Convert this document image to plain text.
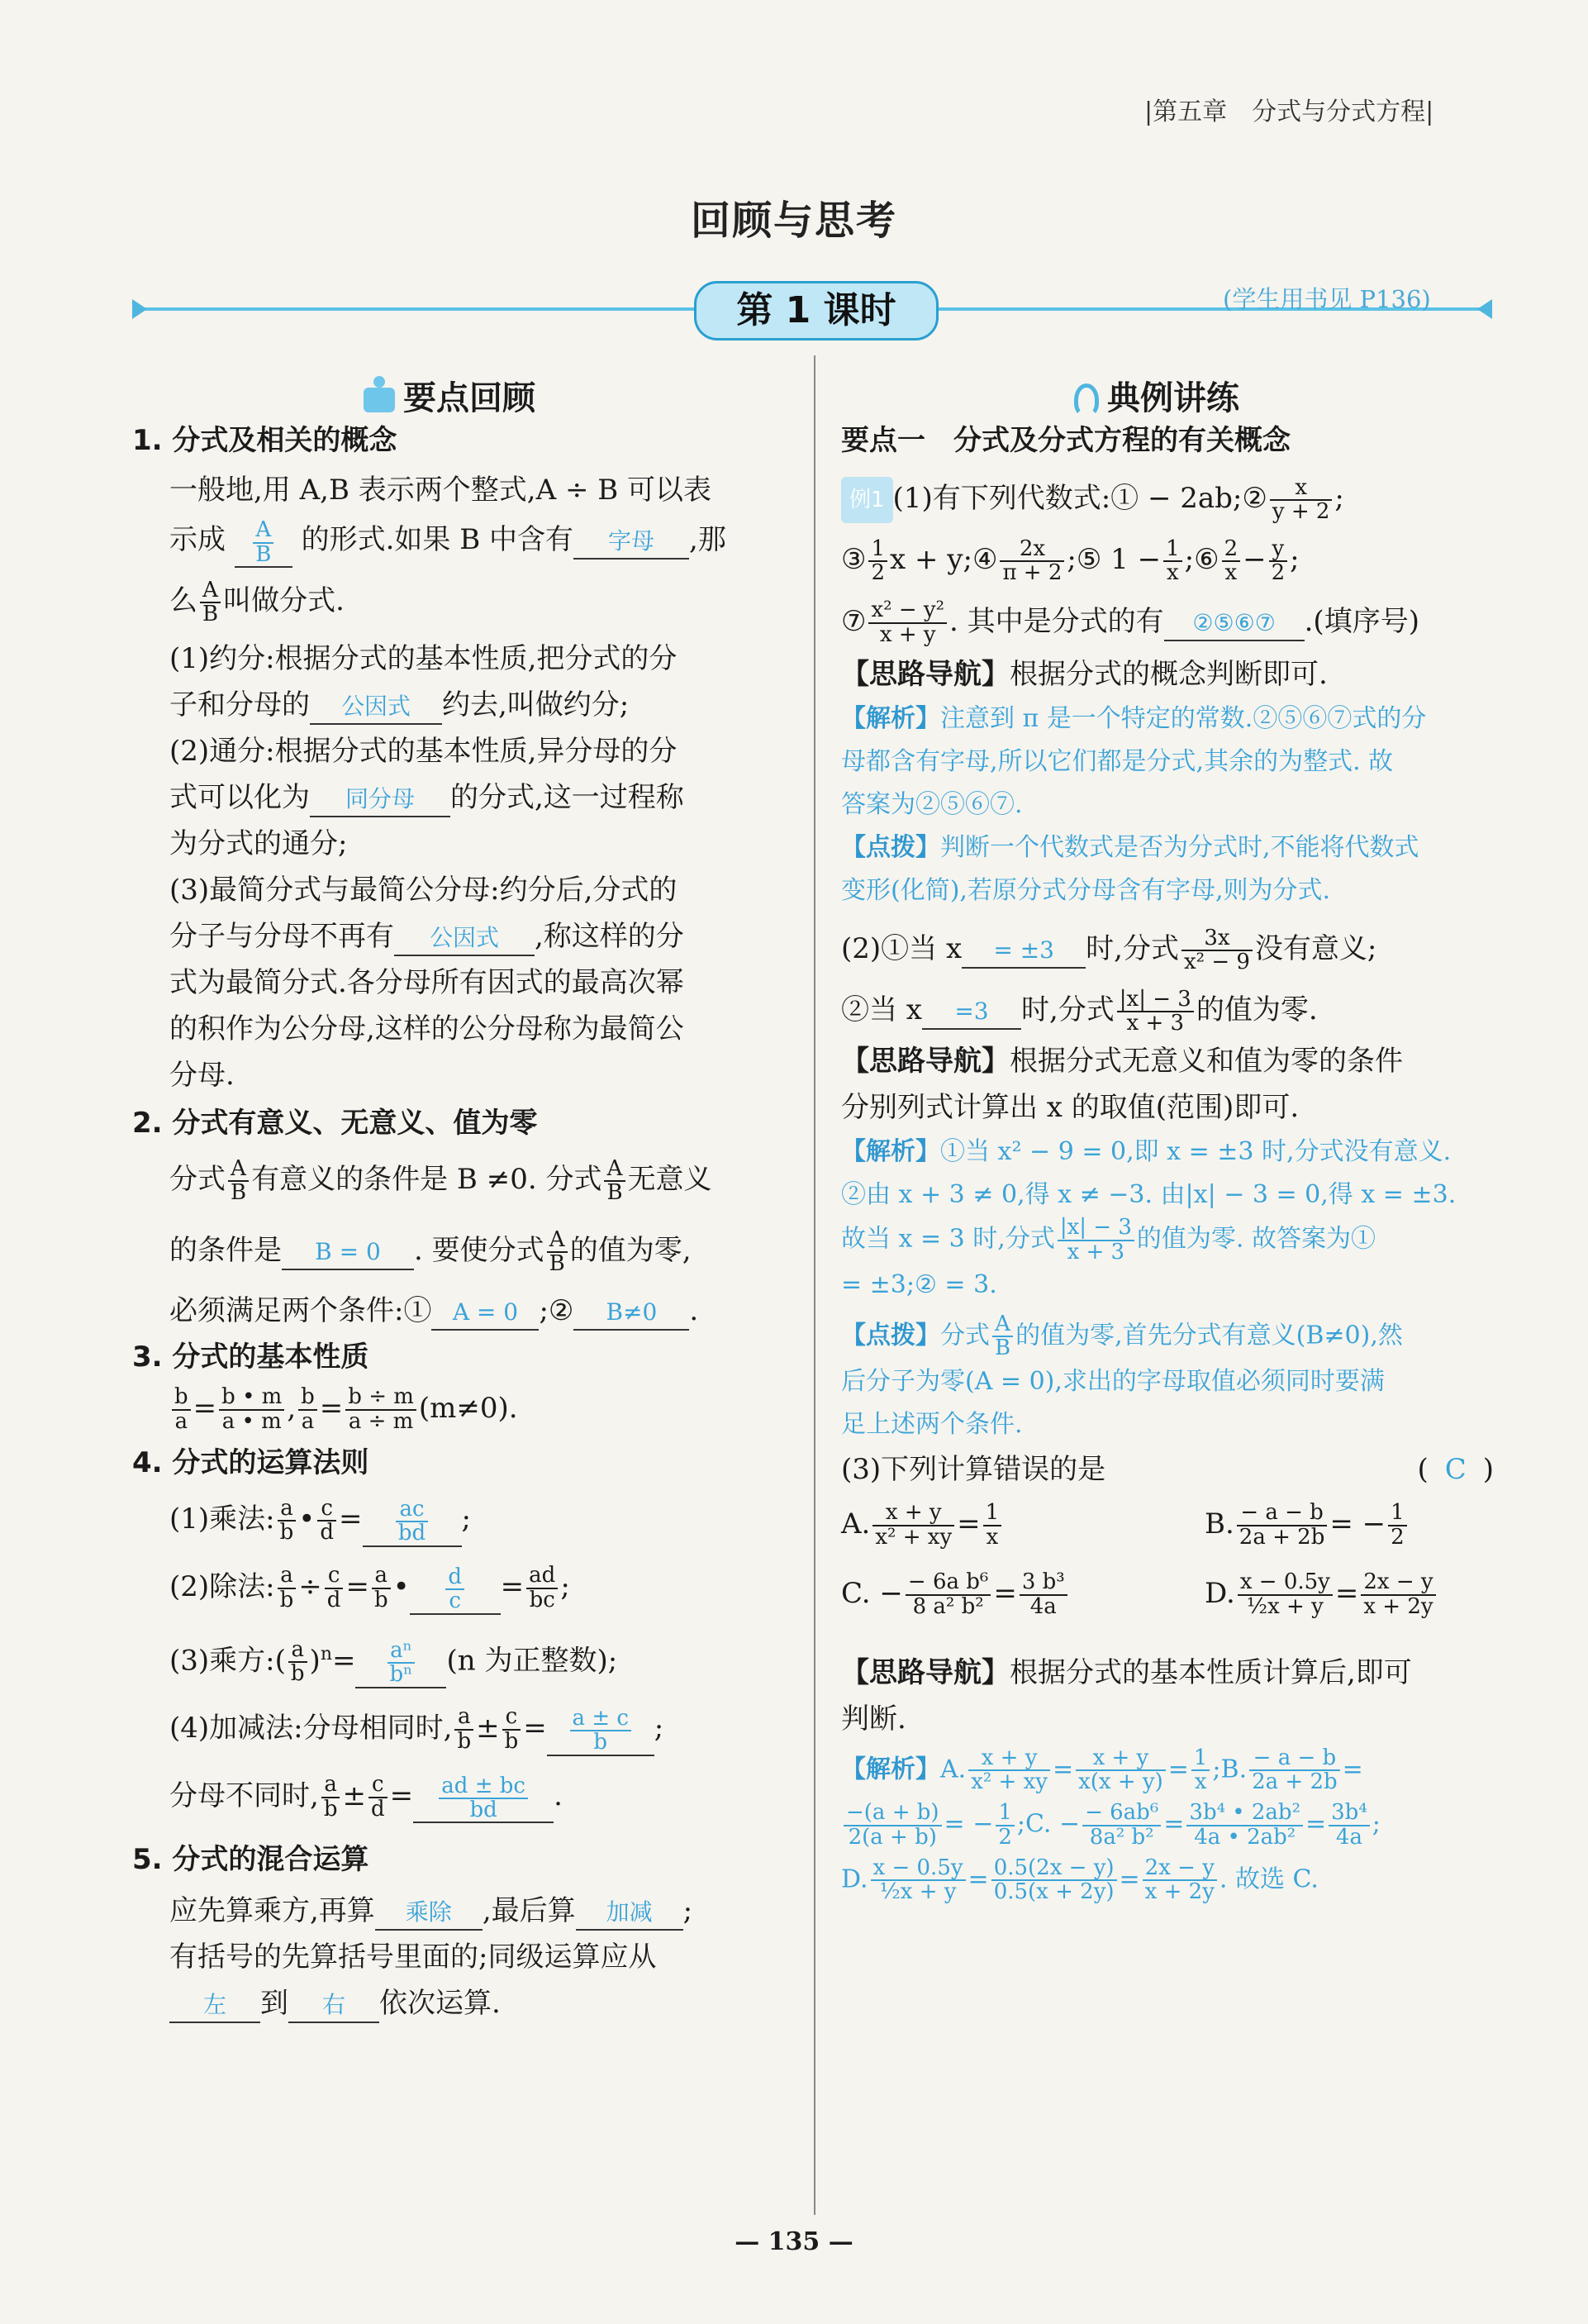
|第五章　分式与分式方程|
回顾与思考
第 1 课时	(学生用书见 P136)
要点回顾
1. 分式及相关的概念
一般地,用 A,B 表示两个整式,A ÷ B 可以表
示成 $\frac{A}{B}$ 的形式.如果 B 中含有 字母 ,那
么 $\frac{A}{B}$ 叫做分式.
(1)约分:根据分式的基本性质,把分式的分
子和分母的 公因式 约去,叫做约分;
(2)通分:根据分式的基本性质,异分母的分
式可以化为 同分母 的分式,这一过程称
为分式的通分;
(3)最简分式与最简公分母:约分后,分式的
分子与分母不再有 公因式 ,称这样的分
式为最简分式.各分母所有因式的最高次幂
的积作为公分母,这样的公分母称为最简公
分母.
2. 分式有意义、无意义、值为零
分式 $\frac{A}{B}$ 有意义的条件是 B ≠0. 分式 $\frac{A}{B}$ 无意义
的条件是 B = 0 . 要使分式 $\frac{A}{B}$ 的值为零,
必须满足两个条件:① A = 0 ;② B≠0 .
3. 分式的基本性质
$\frac{b}{a} = \frac{b • m}{a • m}$ , $\frac{b}{a} = \frac{b \div m}{a \div m} (m\ne 0)$.
4. 分式的运算法则
(1)乘法: $\frac{a}{b}$ • $\frac{c}{d} = \frac{ac}{bd}$ ;
(2)除法: $\frac{a}{b} \div \frac{c}{d} = \frac{a}{b}$ • $\frac{d}{c} = \frac{ad}{bc}$ ;
(3)乘方:( $\frac{a}{b} )^n= \frac{\text{aⁿ}}{\text{bⁿ}} (n$ 为正整数);
(4)加减法:分母相同时, $\frac{a}{b} \pm \frac{c}{b} = \frac{a \pm c}{b}$ ;
分母不同时, $\frac{a}{b} \pm \frac{c}{d} = \frac{ad \pm bc}{bd}$ .
5. 分式的混合运算
应先算乘方,再算 乘除 ,最后算 加减 ;
有括号的先算括号里面的;同级运算应从
左 到 右 依次运算.
典例讲练
要点一　分式及分式方程的有关概念
例1 (1)有下列代数式:① − 2ab;② $\frac{x}{y + 2}$ ;
③ $\frac{1}{2}$ x + y;④ $\frac{2x}{\pi + 2}$ ;⑤ $1 - \frac{1}{x}$ ;⑥ $\frac{2}{x} - \frac{y}{2}$ ;
⑦ $\frac{\text{x² − y²}}{x + y}$ . 其中是分式的有 ②⑤⑥⑦ .(填序号)
【思路导航】根据分式的概念判断即可.
【解析】注意到 π 是一个特定的常数.②⑤⑥⑦式的分
母都含有字母,所以它们都是分式,其余的为整式. 故
答案为②⑤⑥⑦.
【点拨】判断一个代数式是否为分式时,不能将代数式
变形(化简),若原分式分母含有字母,则为分式.
(2)①当 x = ±3 时,分式 $\frac{3x}{\text{x² − 9}}$ 没有意义;
②当 x =3 时,分式 $\frac{|x| - 3}{x + 3}$ 的值为零.
【思路导航】根据分式无意义和值为零的条件
分别列式计算出 x 的取值(范围)即可.
【解析】①当 x² − 9 = 0,即 x = ±3 时,分式没有意义.
②由 x + 3 ≠ 0,得 x ≠ −3. 由|x| − 3 = 0,得 x = ±3.
故当 x = 3 时,分式 $\frac{|x| - 3}{x + 3}$ 的值为零. 故答案为①
= ±3;② = 3.
【点拨】分式 $\frac{A}{B}$ 的值为零,首先分式有意义(B≠0),然
后分子为零(A = 0),求出的字母取值必须同时要满
足上述两个条件.
(3)下列计算错误的是	( C )
A. $\frac{x + y}{\text{x² + xy}} = \frac{1}{x}$	B. $\frac{- a - b}{2a + 2b}$ = − $\frac{1}{2}$
C. − $\frac{\text{− 6a b⁶}}{\text{8 a² b²}} = \frac{\text{3 b³}}{4a}$	D. $\frac{x - 0.5y}{\text{½x + y}} = \frac{2x - y}{x + 2y}$
【思路导航】根据分式的基本性质计算后,即可
判断.
【解析】A. $\frac{x + y}{\text{x² + xy}} = \frac{x + y}{x(x + y)} = \frac{1}{x}$ ;B. $\frac{- a - b}{2a + 2b}$ =
$\frac{-(a + b)}{2(a + b)}$ = − $\frac{1}{2}$ ;C. − $\frac{\text{− 6ab⁶}}{\text{8a² b²}} = \frac{\text{3b⁴ • 2ab²}}{\text{4a • 2ab²}} = \frac{\text{3b⁴}}{4a}$ ;
D. $\frac{x - 0.5y}{\text{½x + y}} = \frac{0.5(2x - y)}{0.5(x + 2y)} = \frac{2x - y}{x + 2y}$ . 故选 C.
— 135 —
